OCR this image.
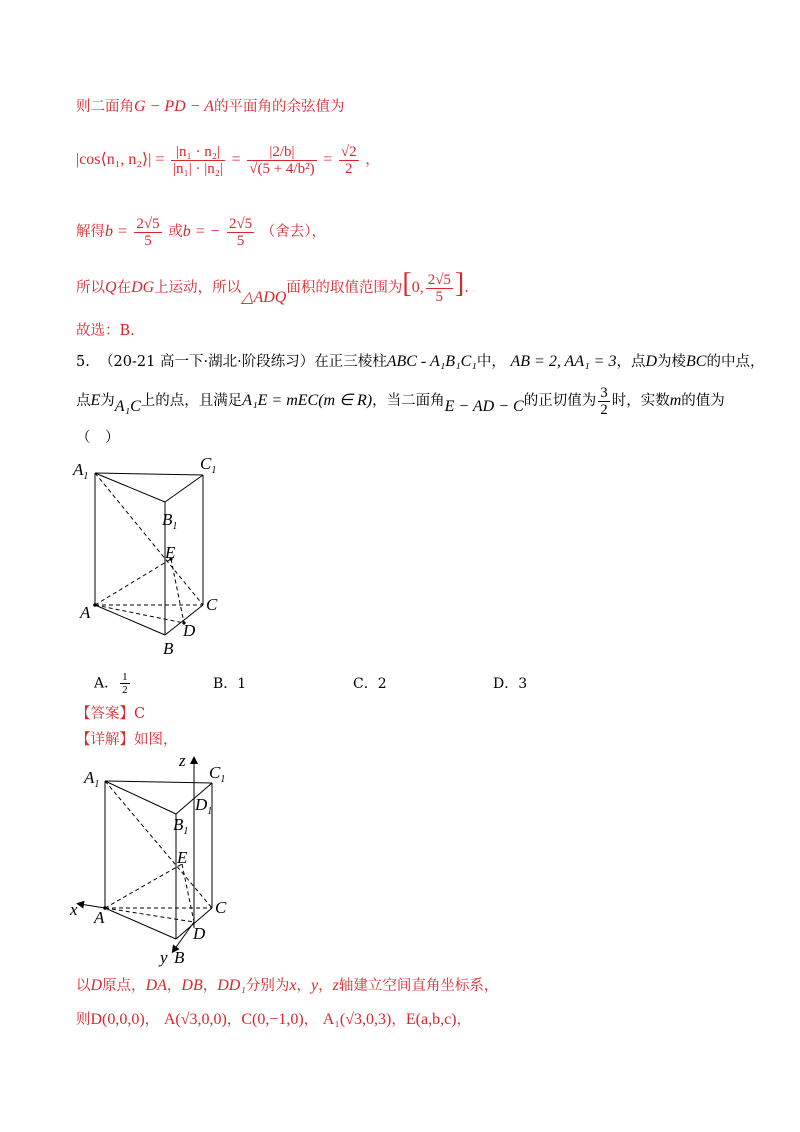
则二面角G − PD − A的平面角的余弦值为
|cos⟨n₁, n₂⟩| = $\frac{\text{|n₁ · n₂|}}{\text{|n₁| · |n₂|}} = \frac{|2/b|}{\text{√(5 + 4/b²)}} = \frac{√2}{2}$ ，
解得$b = \frac{2√5}{5}$ 或b = − $\frac{2√5}{5}$ （舍去），
所以Q在DG上运动，所以△ADQ面积的取值范围为[0, $\frac{2√5}{5}$ ].
故选：B.
5. （20-21 高一下·湖北·阶段练习）在正三棱柱ABC - A₁B₁C₁中， AB = 2, AA₁ = 3，点D为棱BC的中点，
点E为A₁C上的点，且满足A₁E = mEC(m ∈ R)，当二面角E − AD − C的正切值为 $\frac{3}{2}$ 时，实数m的值为
（　）
$A_1$
$C_1$
$B_1$
E
A	C
D
B
A． $\frac{1}{2}$	B．1	C．2	D．3
【答案】C
【详解】如图，
z
$A_1$
$C_1$
$D_1$
$B_1$
E
x A
C
D
y B
以D原点，DA，DB，DD₁分别为x，y，z轴建立空间直角坐标系，
则D(0,0,0)， A(√3,0,0)，C(0,−1,0)， A₁(√3,0,3)，E(a,b,c)，
